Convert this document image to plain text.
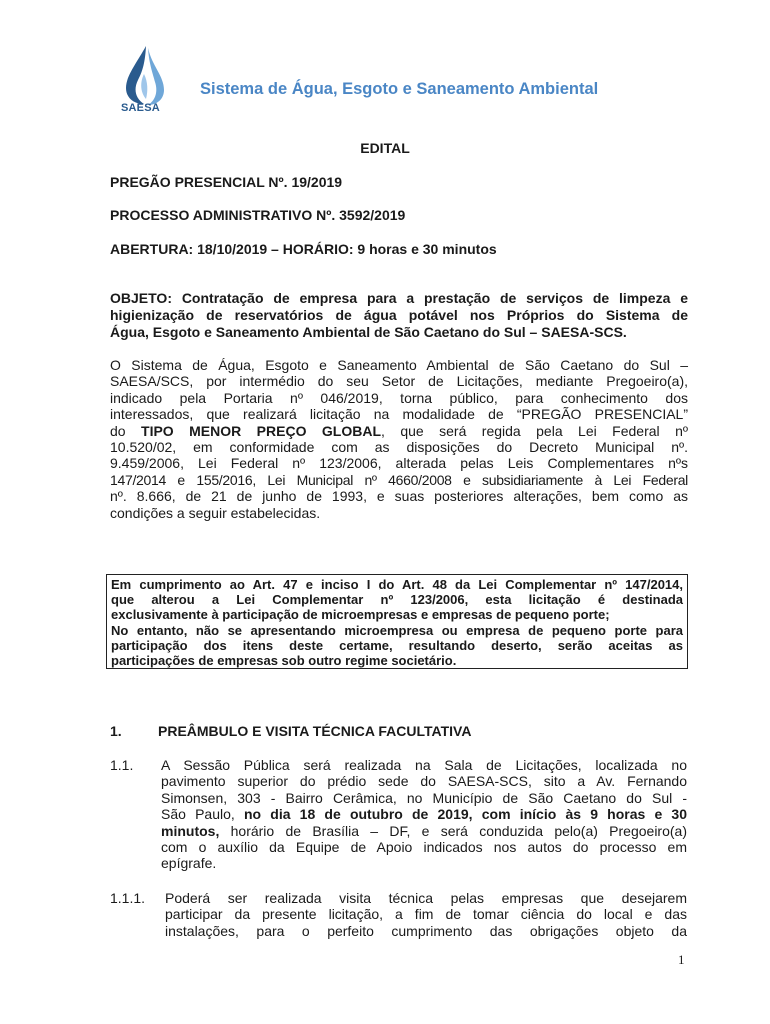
SAESA
Sistema de Água, Esgoto e Saneamento Ambiental
EDITAL
PREGÃO PRESENCIAL Nº. 19/2019
PROCESSO ADMINISTRATIVO Nº. 3592/2019
ABERTURA: 18/10/2019 – HORÁRIO: 9 horas e 30 minutos
OBJETO: Contratação de empresa para a prestação de serviços de limpeza e
higienização de reservatórios de água potável nos Próprios do Sistema de
Água, Esgoto e Saneamento Ambiental de São Caetano do Sul – SAESA-SCS.
O Sistema de Água, Esgoto e Saneamento Ambiental de São Caetano do Sul –
SAESA/SCS, por intermédio do seu Setor de Licitações, mediante Pregoeiro(a),
indicado pela Portaria nº 046/2019, torna público, para conhecimento dos
interessados, que realizará licitação na modalidade de “PREGÃO PRESENCIAL”
do TIPO MENOR PREÇO GLOBAL, que será regida pela Lei Federal nº
10.520/02, em conformidade com as disposições do Decreto Municipal nº.
9.459/2006, Lei Federal nº 123/2006, alterada pelas Leis Complementares nºs
147/2014 e 155/2016, Lei Municipal nº 4660/2008 e subsidiariamente à Lei Federal
nº. 8.666, de 21 de junho de 1993, e suas posteriores alterações, bem como as
condições a seguir estabelecidas.
Em cumprimento ao Art. 47 e inciso I do Art. 48 da Lei Complementar nº 147/2014,
que alterou a Lei Complementar nº 123/2006, esta licitação é destinada
exclusivamente à participação de microempresas e empresas de pequeno porte;
No entanto, não se apresentando microempresa ou empresa de pequeno porte para
participação dos itens deste certame, resultando deserto, serão aceitas as
participações de empresas sob outro regime societário.
1.	PREÂMBULO E VISITA TÉCNICA FACULTATIVA
1.1. A Sessão Pública será realizada na Sala de Licitações, localizada no
pavimento superior do prédio sede do SAESA-SCS, sito a Av. Fernando
Simonsen, 303 - Bairro Cerâmica, no Município de São Caetano do Sul -
São Paulo, no dia 18 de outubro de 2019, com início às 9 horas e 30
minutos, horário de Brasília – DF, e será conduzida pelo(a) Pregoeiro(a)
com o auxílio da Equipe de Apoio indicados nos autos do processo em
epígrafe.
1.1.1. Poderá ser realizada visita técnica pelas empresas que desejarem
participar da presente licitação, a fim de tomar ciência do local e das
instalações, para o perfeito cumprimento das obrigações objeto da
1
